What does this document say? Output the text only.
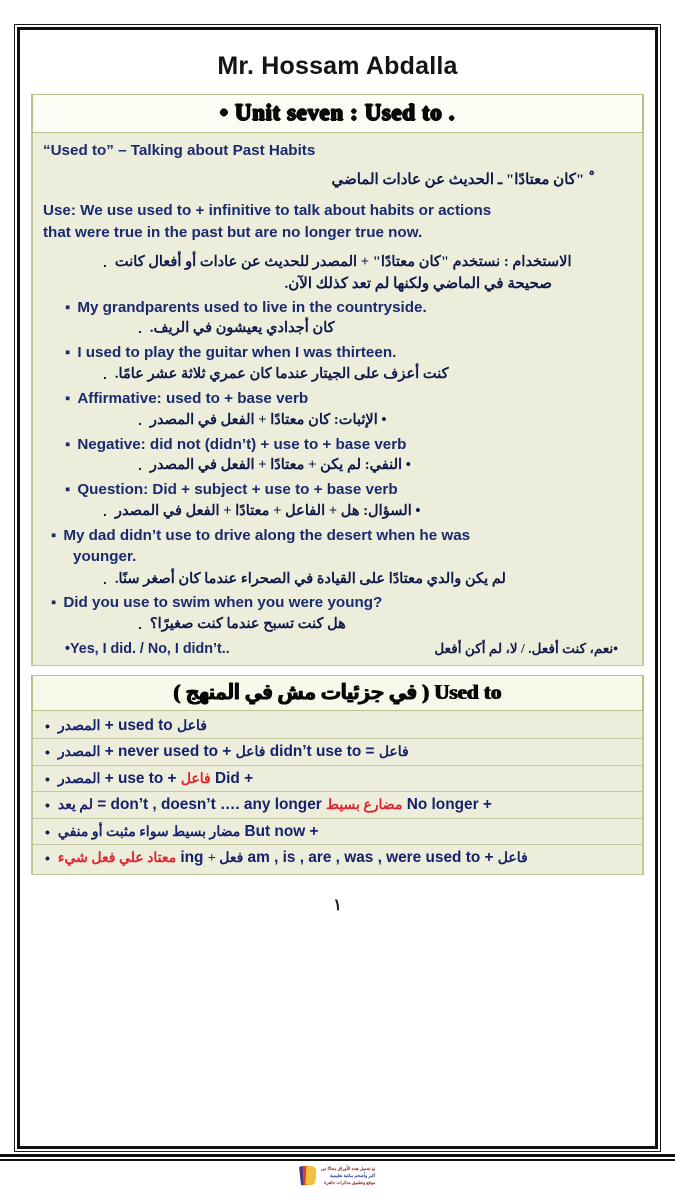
Mr. Hossam Abdalla
• Unit seven : Used to .
“Used to” – Talking about Past Habits
ْ "كان معتادًا" ـ الحديث عن عادات الماضي
Use: We use used to + infinitive to talk about habits or actions
that were true in the past but are no longer true now.
. الاستخدام : نستخدم "كان معتادًا" + المصدر للحديث عن عادات أو أفعال كانت
صحيحة في الماضي ولكنها لم تعد كذلك الآن.
▪ My grandparents used to live in the countryside.
. كان أجدادي يعيشون في الريف.
▪ I used to play the guitar when I was thirteen.
. كنت أعزف على الجيتار عندما كان عمري ثلاثة عشر عامًا.
▪ Affirmative: used to + base verb
. • الإثبات: كان معتادًا + الفعل في المصدر
▪ Negative: did not (didn’t) + use to + base verb
. • النفي: لم يكن + معتادًا + الفعل في المصدر
▪ Question: Did + subject + use to + base verb
. • السؤال: هل + الفاعل + معتادًا + الفعل في المصدر
▪ My dad didn’t use to drive along the desert when he was
younger.
. لم يكن والدي معتادًا على القيادة في الصحراء عندما كان أصغر سنًا.
▪ Did you use to swim when you were young?
. هل كنت تسبح عندما كنت صغيرًا؟
•Yes, I did. / No, I didn’t..	•نعم، كنت أفعل. / لا، لم أكن أفعل
( في جزئيات مش في المنهج ) Used to
•	فاعل used to + المصدر
•	فاعل didn’t use to = فاعل + never used to + المصدر
•	Did + فاعل + use to + المصدر
•	No longer + مضارع بسيط = don’t , doesn’t …. any longer لم يعد
•	But now + مضار بسيط سواء مثبت أو منفي
•	فاعل am , is , are , was , were used to + فعل + ing معتاد علي فعل شيء
١
تو تحميل هذه الأوراق مجانًا من
اكبر وأضخم مكتبة تعليمية
موقع وتطبيق مذكرات جاهزة
